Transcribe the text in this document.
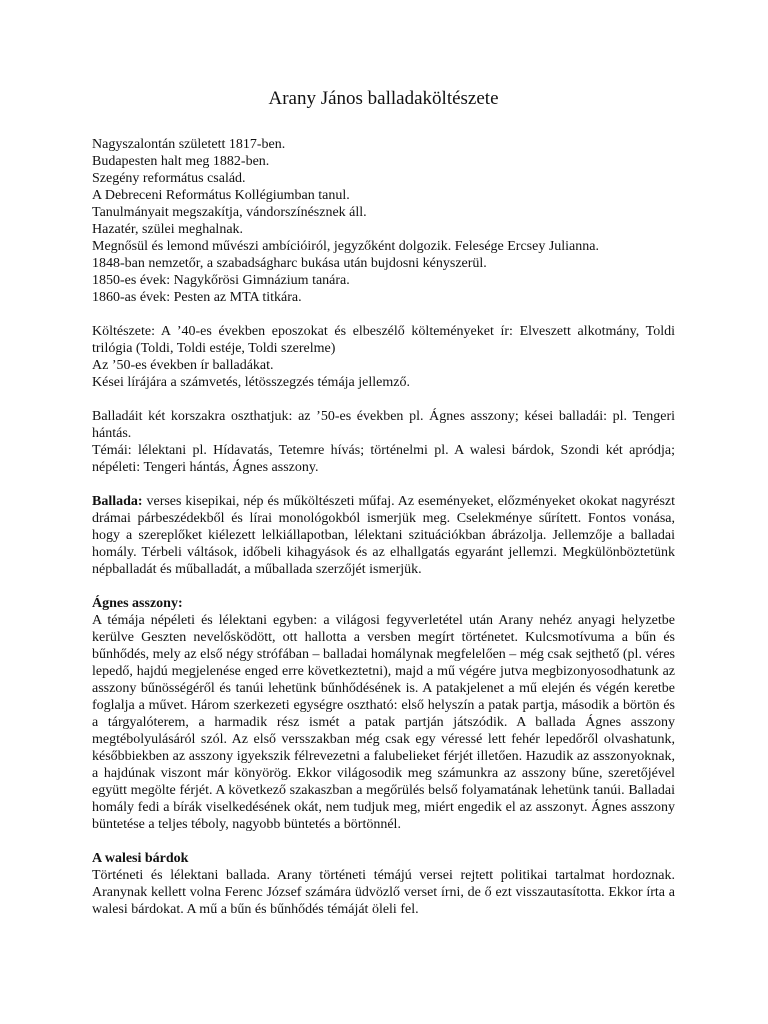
Arany János balladaköltészete
Nagyszalontán született 1817-ben.
Budapesten halt meg 1882-ben.
Szegény református család.
A Debreceni Református Kollégiumban tanul.
Tanulmányait megszakítja, vándorszínésznek áll.
Hazatér, szülei meghalnak.
Megnősül és lemond művészi ambícióiról, jegyzőként dolgozik. Felesége Ercsey Julianna.
1848-ban nemzetőr, a szabadságharc bukása után bujdosni kényszerül.
1850-es évek: Nagykőrösi Gimnázium tanára.
1860-as évek: Pesten az MTA titkára.

Költészete: A ’40-es években eposzokat és elbeszélő költeményeket ír: Elveszett alkotmány, Toldi trilógia (Toldi, Toldi estéje, Toldi szerelme)

Az ’50-es években ír balladákat.
Kései lírájára a számvetés, létösszegzés témája jellemző.

Balladáit két korszakra oszthatjuk: az ’50-es években pl. Ágnes asszony; kései balladái: pl. Tengeri hántás.

Témái: lélektani pl. Hídavatás, Tetemre hívás; történelmi pl. A walesi bárdok, Szondi két apródja; népéleti: Tengeri hántás, Ágnes asszony.

Ballada: verses kisepikai, nép és műköltészeti műfaj. Az eseményeket, előzményeket okokat nagyrészt drámai párbeszédekből és lírai monológokból ismerjük meg. Cselekménye sűrített. Fontos vonása, hogy a szereplőket kiélezett lelkiállapotban, lélektani szituációkban ábrázolja. Jellemzője a balladai homály. Térbeli váltások, időbeli kihagyások és az elhallgatás egyaránt jellemzi. Megkülönböztetünk népballadát és műballadát, a műballada szerzőjét ismerjük.

Ágnes asszony:

A témája népéleti és lélektani egyben: a világosi fegyverletétel után Arany nehéz anyagi helyzetbe kerülve Geszten nevelősködött, ott hallotta a versben megírt történetet. Kulcsmotívuma a bűn és bűnhődés, mely az első négy strófában – balladai homálynak megfelelően – még csak sejthető (pl. véres lepedő, hajdú megjelenése enged erre következtetni), majd a mű végére jutva megbizonyosodhatunk az asszony bűnösségéről és tanúi lehetünk bűnhődésének is. A patakjelenet a mű elején és végén keretbe foglalja a művet. Három szerkezeti egységre osztható: első helyszín a patak partja, második a börtön és a tárgyalóterem, a harmadik rész ismét a patak partján játszódik. A ballada Ágnes asszony megtébolyulásáról szól. Az első versszakban még csak egy véressé lett fehér lepedőről olvashatunk, későbbiekben az asszony igyekszik félrevezetni a falubelieket férjét illetően. Hazudik az asszonyoknak, a hajdúnak viszont már könyörög. Ekkor világosodik meg számunkra az asszony bűne, szeretőjével együtt megölte férjét. A következő szakaszban a megőrülés belső folyamatának lehetünk tanúi. Balladai homály fedi a bírák viselkedésének okát, nem tudjuk meg, miért engedik el az asszonyt. Ágnes asszony büntetése a teljes téboly, nagyobb büntetés a börtönnél.

A walesi bárdok

Történeti és lélektani ballada. Arany történeti témájú versei rejtett politikai tartalmat hordoznak. Aranynak kellett volna Ferenc József számára üdvözlő verset írni, de ő ezt visszautasította. Ekkor írta a walesi bárdokat. A mű a bűn és bűnhődés témáját öleli fel.
